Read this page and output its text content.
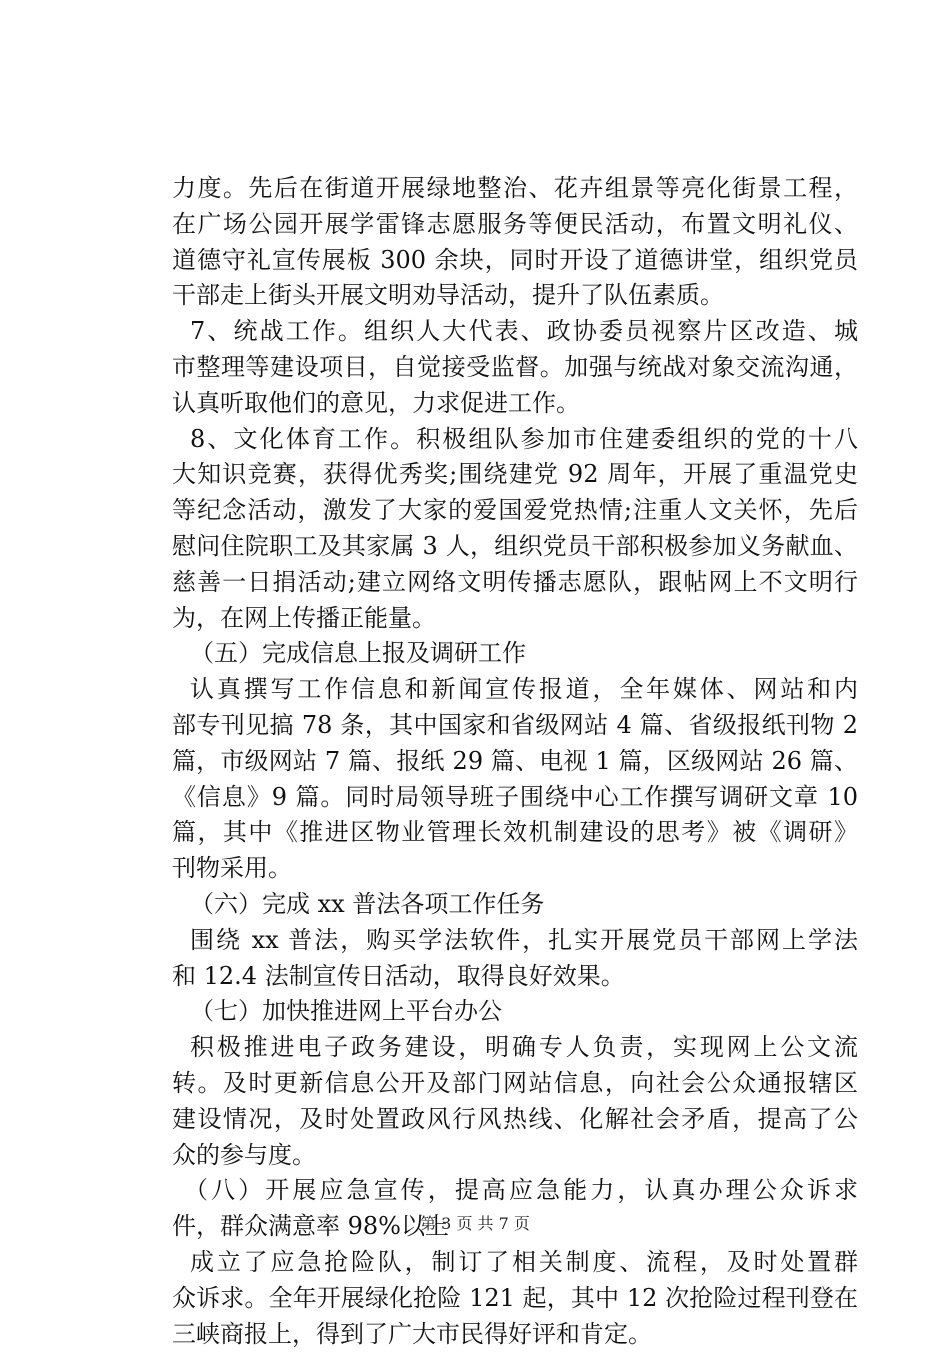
力度。先后在街道开展绿地整治、花卉组景等亮化街景工程，
在广场公园开展学雷锋志愿服务等便民活动，布置文明礼仪、
道德守礼宣传展板 300 余块，同时开设了道德讲堂，组织党员
干部走上街头开展文明劝导活动，提升了队伍素质。
7、统战工作。组织人大代表、政协委员视察片区改造、城
市整理等建设项目，自觉接受监督。加强与统战对象交流沟通，
认真听取他们的意见，力求促进工作。
8、文化体育工作。积极组队参加市住建委组织的党的十八
大知识竞赛，获得优秀奖;围绕建党 92 周年，开展了重温党史
等纪念活动，激发了大家的爱国爱党热情;注重人文关怀，先后
慰问住院职工及其家属 3 人，组织党员干部积极参加义务献血、
慈善一日捐活动;建立网络文明传播志愿队，跟帖网上不文明行
为，在网上传播正能量。
（五）完成信息上报及调研工作
认真撰写工作信息和新闻宣传报道，全年媒体、网站和内
部专刊见搞 78 条，其中国家和省级网站 4 篇、省级报纸刊物 2
篇，市级网站 7 篇、报纸 29 篇、电视 1 篇，区级网站 26 篇、
《信息》9 篇。同时局领导班子围绕中心工作撰写调研文章 10
篇，其中《推进区物业管理长效机制建设的思考》被《调研》
刊物采用。
（六）完成 xx 普法各项工作任务
围绕 xx 普法，购买学法软件，扎实开展党员干部网上学法
和 12.4 法制宣传日活动，取得良好效果。
（七）加快推进网上平台办公
积极推进电子政务建设，明确专人负责，实现网上公文流
转。及时更新信息公开及部门网站信息，向社会公众通报辖区
建设情况，及时处置政风行风热线、化解社会矛盾，提高了公
众的参与度。
（八）开展应急宣传，提高应急能力，认真办理公众诉求
件，群众满意率 98%以上
成立了应急抢险队，制订了相关制度、流程，及时处置群
众诉求。全年开展绿化抢险 121 起，其中 12 次抢险过程刊登在
三峡商报上，得到了广大市民得好评和肯定。
第 3 页 共 7 页
